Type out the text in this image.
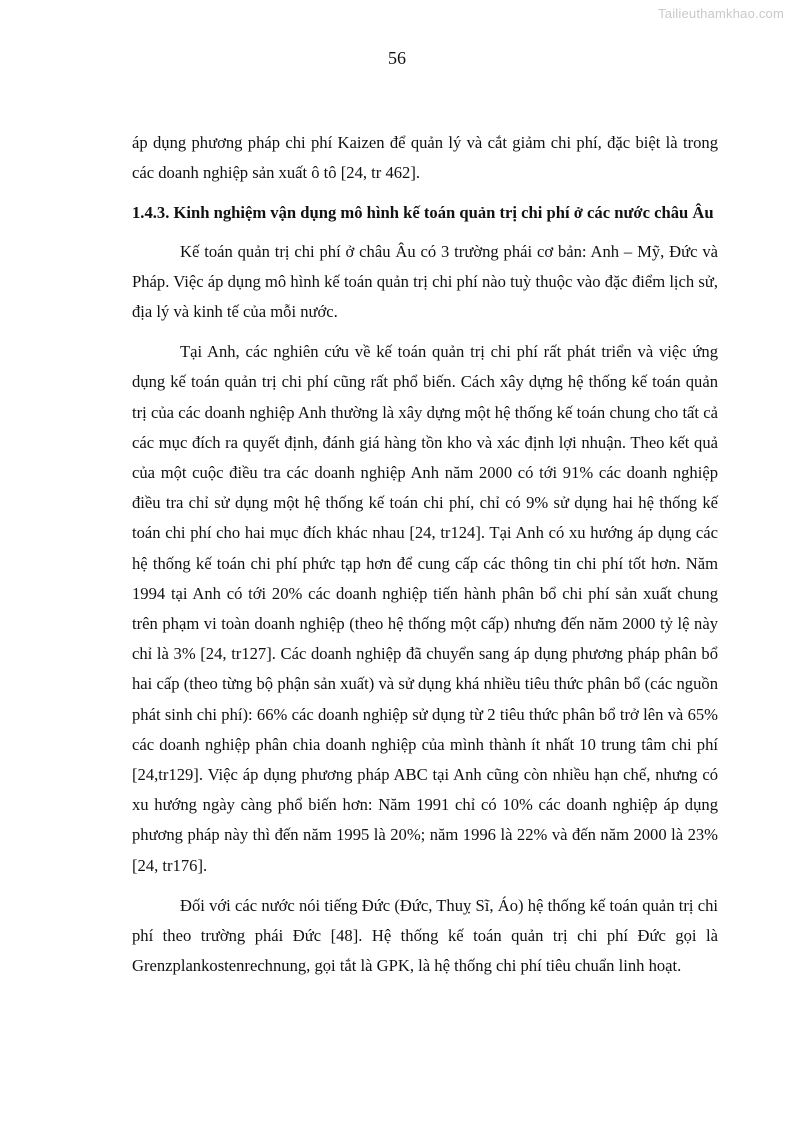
Tailieuthamkhao.com
56

áp dụng phương pháp chi phí Kaizen để quản lý và cắt giảm chi phí, đặc biệt là trong các doanh nghiệp sản xuất ô tô [24, tr 462].

1.4.3. Kinh nghiệm vận dụng mô hình kế toán quản trị chi phí ở các nước châu Âu

Kế toán quản trị chi phí ở châu Âu có 3 trường phái cơ bản: Anh – Mỹ, Đức và Pháp. Việc áp dụng mô hình kế toán quản trị chi phí nào tuỳ thuộc vào đặc điểm lịch sử, địa lý và kinh tế của mỗi nước.

Tại Anh, các nghiên cứu về kế toán quản trị chi phí rất phát triển và việc ứng dụng kế toán quản trị chi phí cũng rất phổ biến. Cách xây dựng hệ thống kế toán quản trị của các doanh nghiệp Anh thường là xây dựng một hệ thống kế toán chung cho tất cả các mục đích ra quyết định, đánh giá hàng tồn kho và xác định lợi nhuận. Theo kết quả của một cuộc điều tra các doanh nghiệp Anh năm 2000 có tới 91% các doanh nghiệp điều tra chỉ sử dụng một hệ thống kế toán chi phí, chỉ có 9% sử dụng hai hệ thống kế toán chi phí cho hai mục đích khác nhau [24, tr124]. Tại Anh có xu hướng áp dụng các hệ thống kế toán chi phí phức tạp hơn để cung cấp các thông tin chi phí tốt hơn. Năm 1994 tại Anh có tới 20% các doanh nghiệp tiến hành phân bổ chi phí sản xuất chung trên phạm vi toàn doanh nghiệp (theo hệ thống một cấp) nhưng đến năm 2000 tỷ lệ này chỉ là 3% [24, tr127]. Các doanh nghiệp đã chuyển sang áp dụng phương pháp phân bổ hai cấp (theo từng bộ phận sản xuất) và sử dụng khá nhiều tiêu thức phân bổ (các nguồn phát sinh chi phí): 66% các doanh nghiệp sử dụng từ 2 tiêu thức phân bổ trở lên và 65% các doanh nghiệp phân chia doanh nghiệp của mình thành ít nhất 10 trung tâm chi phí [24,tr129]. Việc áp dụng phương pháp ABC tại Anh cũng còn nhiều hạn chế, nhưng có xu hướng ngày càng phổ biến hơn: Năm 1991 chỉ có 10% các doanh nghiệp áp dụng phương pháp này thì đến năm 1995 là 20%; năm 1996 là 22% và đến năm 2000 là 23% [24, tr176].

Đối với các nước nói tiếng Đức (Đức, Thuỵ Sĩ, Áo) hệ thống kế toán quản trị chi phí theo trường phái Đức [48]. Hệ thống kế toán quản trị chi phí Đức gọi là Grenzplankostenrechnung, gọi tắt là GPK, là hệ thống chi phí tiêu chuẩn linh hoạt.
